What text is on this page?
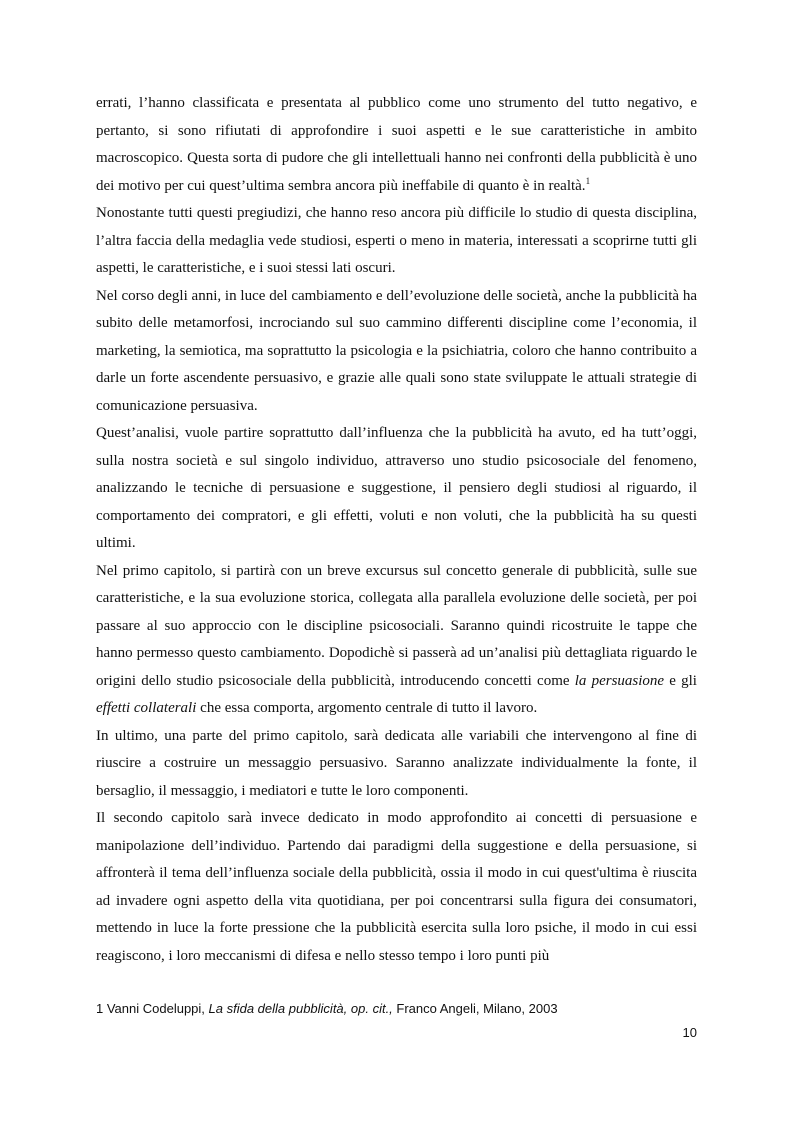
errati, l’hanno classificata e presentata al pubblico come uno strumento del tutto negativo, e pertanto, si sono rifiutati di approfondire i suoi aspetti e le sue caratteristiche in ambito macroscopico. Questa sorta di pudore che gli intellettuali hanno nei confronti della pubblicità è uno dei motivo per cui quest’ultima sembra ancora più ineffabile di quanto è in realtà.$^1$

Nonostante tutti questi pregiudizi, che hanno reso ancora più difficile lo studio di questa disciplina, l’altra faccia della medaglia vede studiosi, esperti o meno in materia, interessati a scoprirne tutti gli aspetti, le caratteristiche, e i suoi stessi lati oscuri.

Nel corso degli anni, in luce del cambiamento e dell’evoluzione delle società, anche la pubblicità ha subito delle metamorfosi, incrociando sul suo cammino differenti discipline come l’economia, il marketing, la semiotica, ma soprattutto la psicologia e la psichiatria, coloro che hanno contribuito a darle un forte ascendente persuasivo, e grazie alle quali sono state sviluppate le attuali strategie di comunicazione persuasiva.

Quest’analisi, vuole partire soprattutto dall’influenza che la pubblicità ha avuto, ed ha tutt’oggi, sulla nostra società e sul singolo individuo, attraverso uno studio psicosociale del fenomeno, analizzando le tecniche di persuasione e suggestione, il pensiero degli studiosi al riguardo, il comportamento dei compratori, e gli effetti, voluti e non voluti, che la pubblicità ha su questi ultimi.

Nel primo capitolo, si partirà con un breve excursus sul concetto generale di pubblicità, sulle sue caratteristiche, e la sua evoluzione storica, collegata alla parallela evoluzione delle società, per poi passare al suo approccio con le discipline psicosociali. Saranno quindi ricostruite le tappe che hanno permesso questo cambiamento. Dopodichè si passerà ad un’analisi più dettagliata riguardo le origini dello studio psicosociale della pubblicità, introducendo concetti come la persuasione e gli effetti collaterali che essa comporta, argomento centrale di tutto il lavoro.

In ultimo, una parte del primo capitolo, sarà dedicata alle variabili che intervengono al fine di riuscire a costruire un messaggio persuasivo. Saranno analizzate individualmente la fonte, il bersaglio, il messaggio, i mediatori e tutte le loro componenti.

Il secondo capitolo sarà invece dedicato in modo approfondito ai concetti di persuasione e manipolazione dell’individuo. Partendo dai paradigmi della suggestione e della persuasione, si affronterà il tema dell’influenza sociale della pubblicità, ossia il modo in cui quest'ultima è riuscita ad invadere ogni aspetto della vita quotidiana, per poi concentrarsi sulla figura dei consumatori, mettendo in luce la forte pressione che la pubblicità esercita sulla loro psiche, il modo in cui essi reagiscono, i loro meccanismi di difesa e nello stesso tempo i loro punti più

1 Vanni Codeluppi, La sfida della pubblicità, op. cit., Franco Angeli, Milano, 2003
10
